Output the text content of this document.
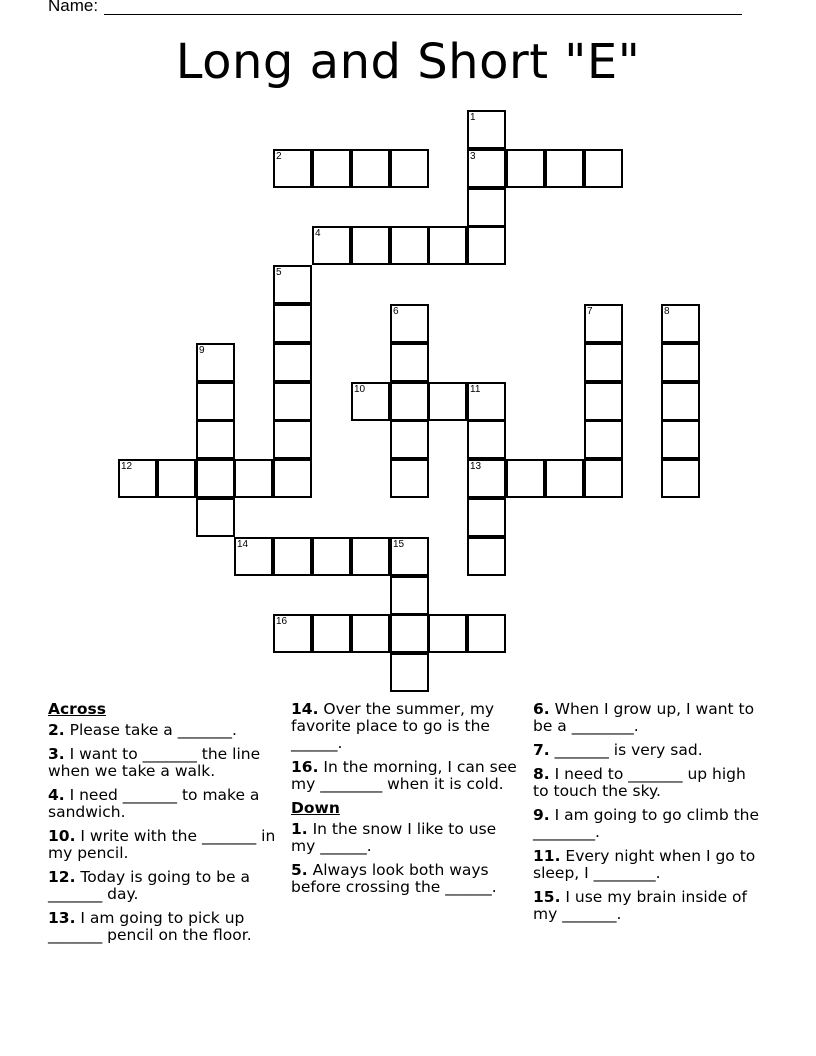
Name:
Long and Short "E"
1
2	3
4
5
6	7	8
9
10	11
12	13
14	15
16
Across
2. Please take a _______.
3. I want to _______ the line when we take a walk.
4. I need _______ to make a sandwich.
10. I write with the _______ in my pencil.
12. Today is going to be a _______ day.
13. I am going to pick up _______ pencil on the floor.
14. Over the summer, my favorite place to go is the ______.
16. In the morning, I can see my ________ when it is cold.
Down
1. In the snow I like to use my ______.
5. Always look both ways before crossing the ______.
6. When I grow up, I want to be a ________.
7. _______ is very sad.
8. I need to _______ up high to touch the sky.
9. I am going to go climb the ________.
11. Every night when I go to sleep, I ________.
15. I use my brain inside of my _______.
